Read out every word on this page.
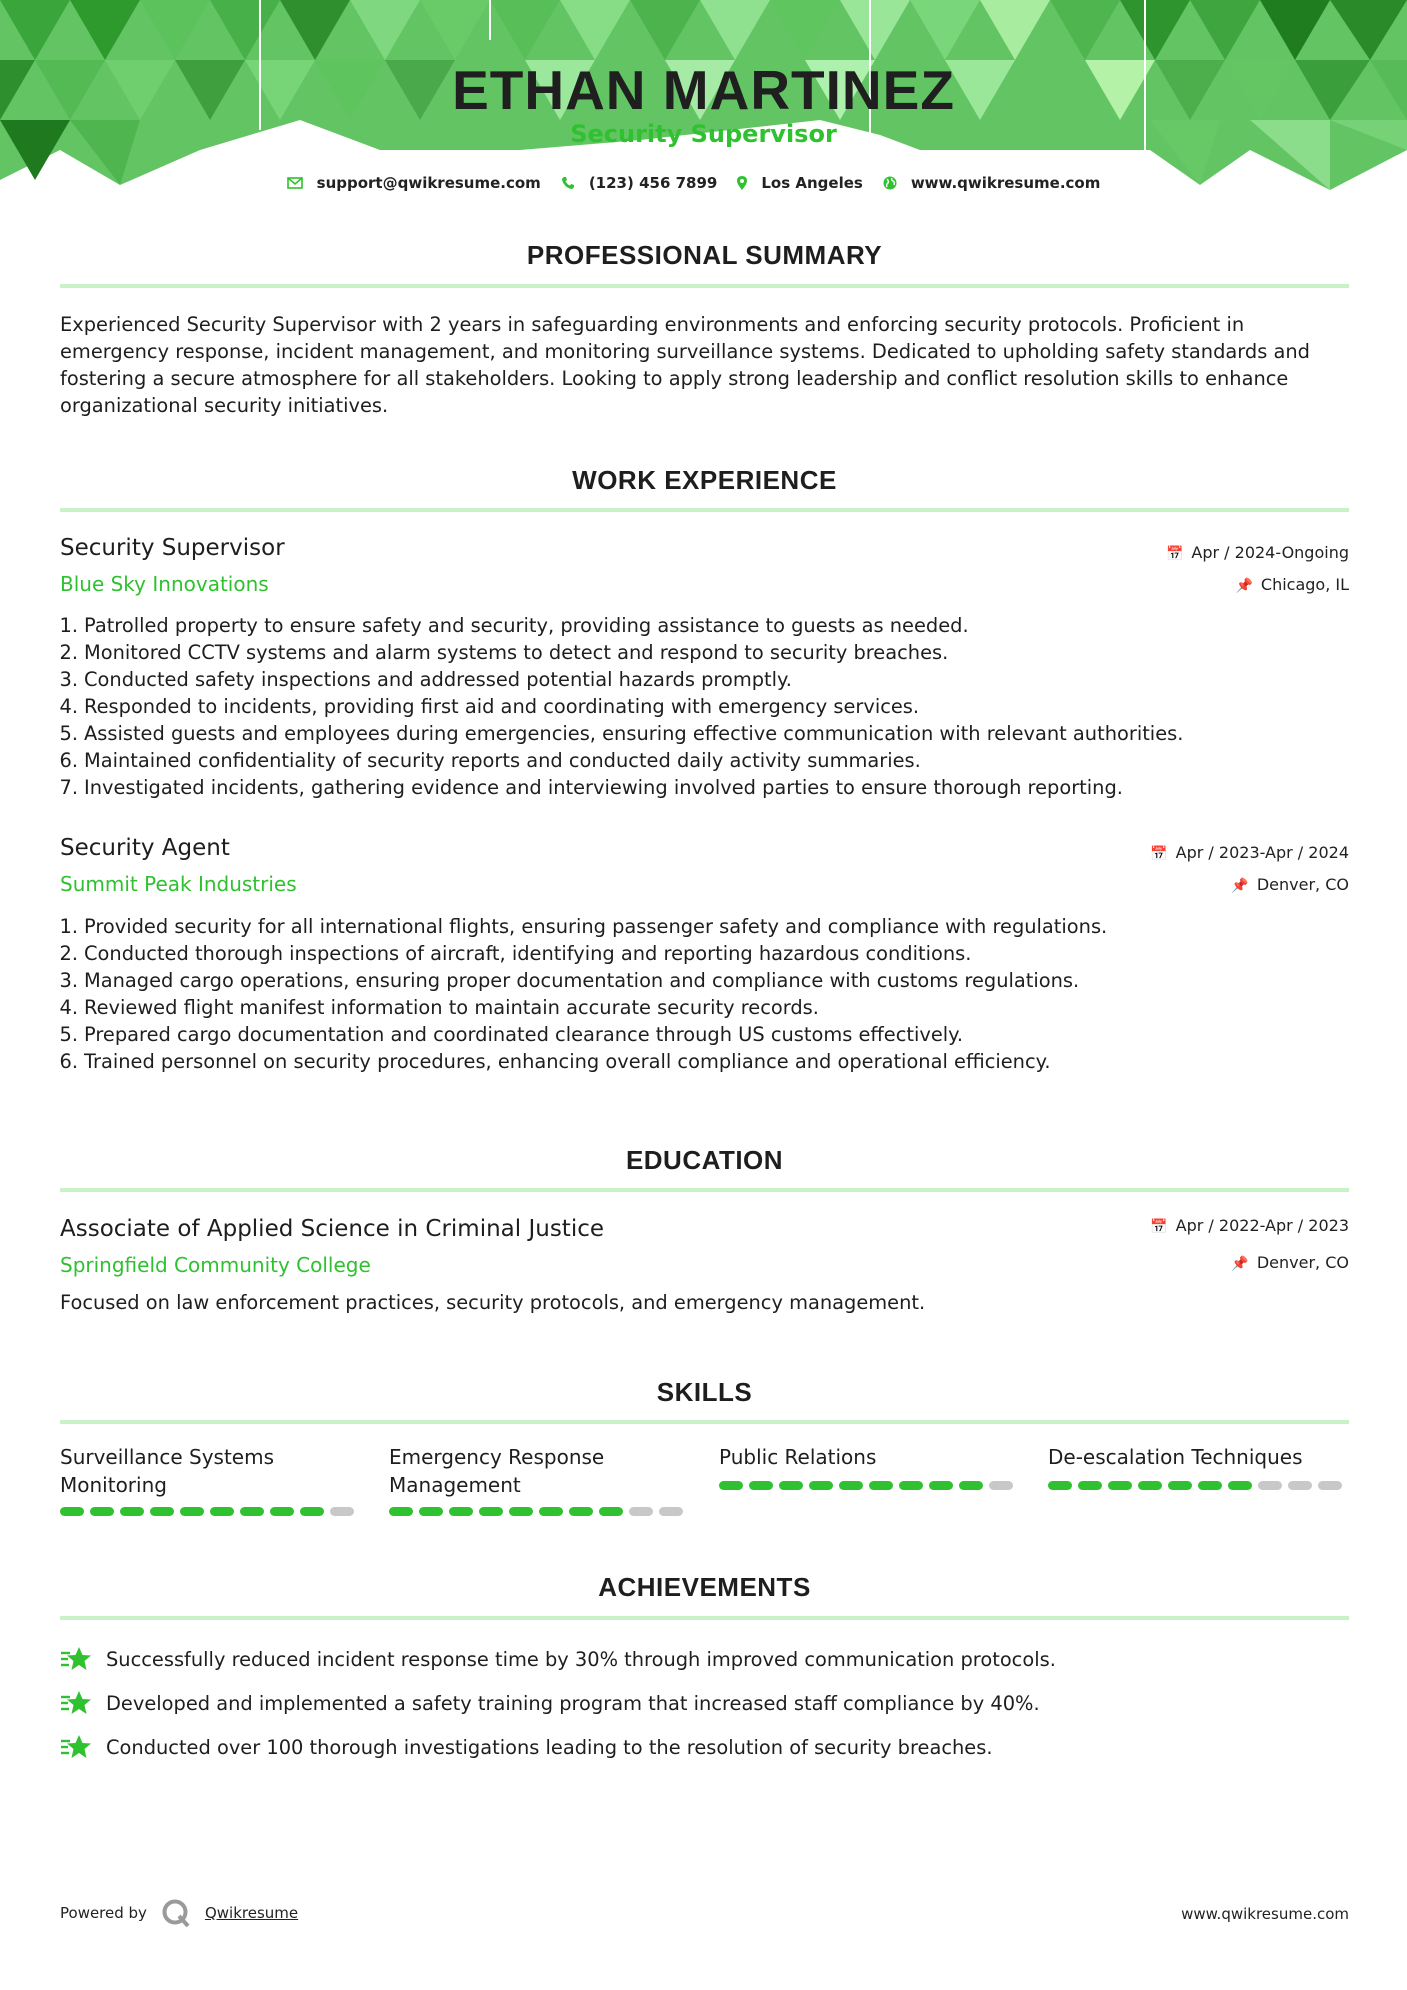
ETHAN MARTINEZ
Security Supervisor
support@qwikresume.com	(123) 456 7899	Los Angeles	www.qwikresume.com
PROFESSIONAL SUMMARY
Experienced Security Supervisor with 2 years in safeguarding environments and enforcing security protocols. Proficient in emergency response, incident management, and monitoring surveillance systems. Dedicated to upholding safety standards and fostering a secure atmosphere for all stakeholders. Looking to apply strong leadership and conflict resolution skills to enhance organizational security initiatives.
WORK EXPERIENCE
Security Supervisor
Blue Sky Innovations
📅 Apr / 2024-Ongoing
📌 Chicago, IL
1. Patrolled property to ensure safety and security, providing assistance to guests as needed.
2. Monitored CCTV systems and alarm systems to detect and respond to security breaches.
3. Conducted safety inspections and addressed potential hazards promptly.
4. Responded to incidents, providing first aid and coordinating with emergency services.
5. Assisted guests and employees during emergencies, ensuring effective communication with relevant authorities.
6. Maintained confidentiality of security reports and conducted daily activity summaries.
7. Investigated incidents, gathering evidence and interviewing involved parties to ensure thorough reporting.
Security Agent
Summit Peak Industries
📅 Apr / 2023-Apr / 2024
📌 Denver, CO
1. Provided security for all international flights, ensuring passenger safety and compliance with regulations.
2. Conducted thorough inspections of aircraft, identifying and reporting hazardous conditions.
3. Managed cargo operations, ensuring proper documentation and compliance with customs regulations.
4. Reviewed flight manifest information to maintain accurate security records.
5. Prepared cargo documentation and coordinated clearance through US customs effectively.
6. Trained personnel on security procedures, enhancing overall compliance and operational efficiency.
EDUCATION
Associate of Applied Science in Criminal Justice
Springfield Community College
📅 Apr / 2022-Apr / 2023
📌 Denver, CO
Focused on law enforcement practices, security protocols, and emergency management.
SKILLS
Surveillance Systems Monitoring
Emergency Response Management
Public Relations	De-escalation Techniques
ACHIEVEMENTS
Successfully reduced incident response time by 30% through improved communication protocols.
Developed and implemented a safety training program that increased staff compliance by 40%.
Conducted over 100 thorough investigations leading to the resolution of security breaches.
Powered by	Qwikresume	www.qwikresume.com
